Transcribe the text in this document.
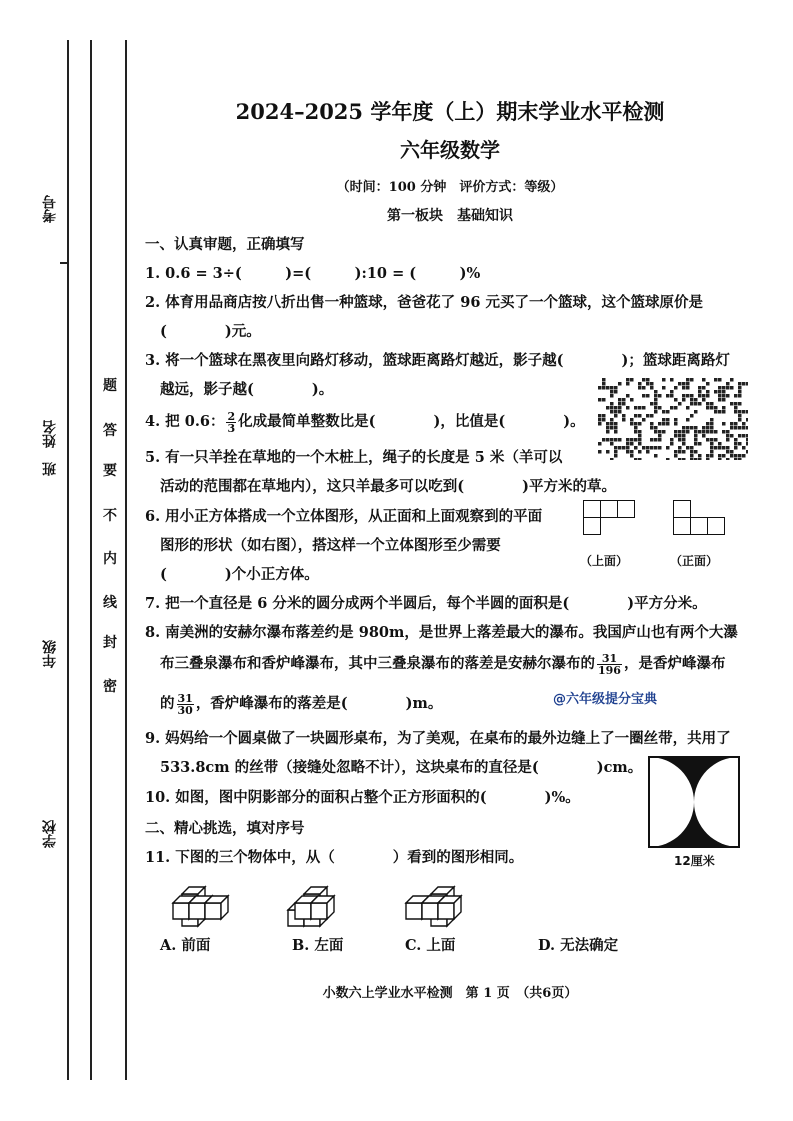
考号
班　姓名
年级
学校
题
答
要
不
内
线
封
密
2024–2025 学年度（上）期末学业水平检测
六年级数学
（时间：100 分钟　评价方式：等级）
第一板块　基础知识
一、认真审题，正确填写
1. 0.6 = 3÷(　　　)=(　　　):10 = (　　　)%
2. 体育用品商店按八折出售一种篮球，爸爸花了 96 元买了一个篮球，这个篮球原价是
(　　　　)元。
3. 将一个篮球在黑夜里向路灯移动，篮球距离路灯越近，影子越(　　　　)；篮球距离路灯
越远，影子越(　　　　)。
4. 把 0.6： $\frac{2}{3}$ 化成最简单整数比是(　　　　)，比值是(　　　　)。
5. 有一只羊拴在草地的一个木桩上，绳子的长度是 5 米（羊可以
活动的范围都在草地内），这只羊最多可以吃到(　　　　)平方米的草。
6. 用小正方体搭成一个立体图形，从正面和上面观察到的平面
图形的形状（如右图），搭这样一个立体图形至少需要
(　　　　)个小正方体。
（上面）	（正面）
7. 把一个直径是 6 分米的圆分成两个半圆后，每个半圆的面积是(　　　　)平方分米。
8. 南美洲的安赫尔瀑布落差约是 980m，是世界上落差最大的瀑布。我国庐山也有两个大瀑
布三叠泉瀑布和香炉峰瀑布，其中三叠泉瀑布的落差是安赫尔瀑布的 $\frac{31}{196}$ ，是香炉峰瀑布
的 $\frac{31}{30}$ ，香炉峰瀑布的落差是(　　　　)m。	@六年级提分宝典
9. 妈妈给一个圆桌做了一块圆形桌布，为了美观，在桌布的最外边缝上了一圈丝带，共用了
533.8cm 的丝带（接缝处忽略不计），这块桌布的直径是(　　　　)cm。
10. 如图，图中阴影部分的面积占整个正方形面积的(　　　　)%。
12厘米
二、精心挑选，填对序号
11. 下图的三个物体中，从（　　　　）看到的图形相同。
A. 前面	B. 左面	C. 上面	D. 无法确定
小数六上学业水平检测　第 1 页　（共6页）
